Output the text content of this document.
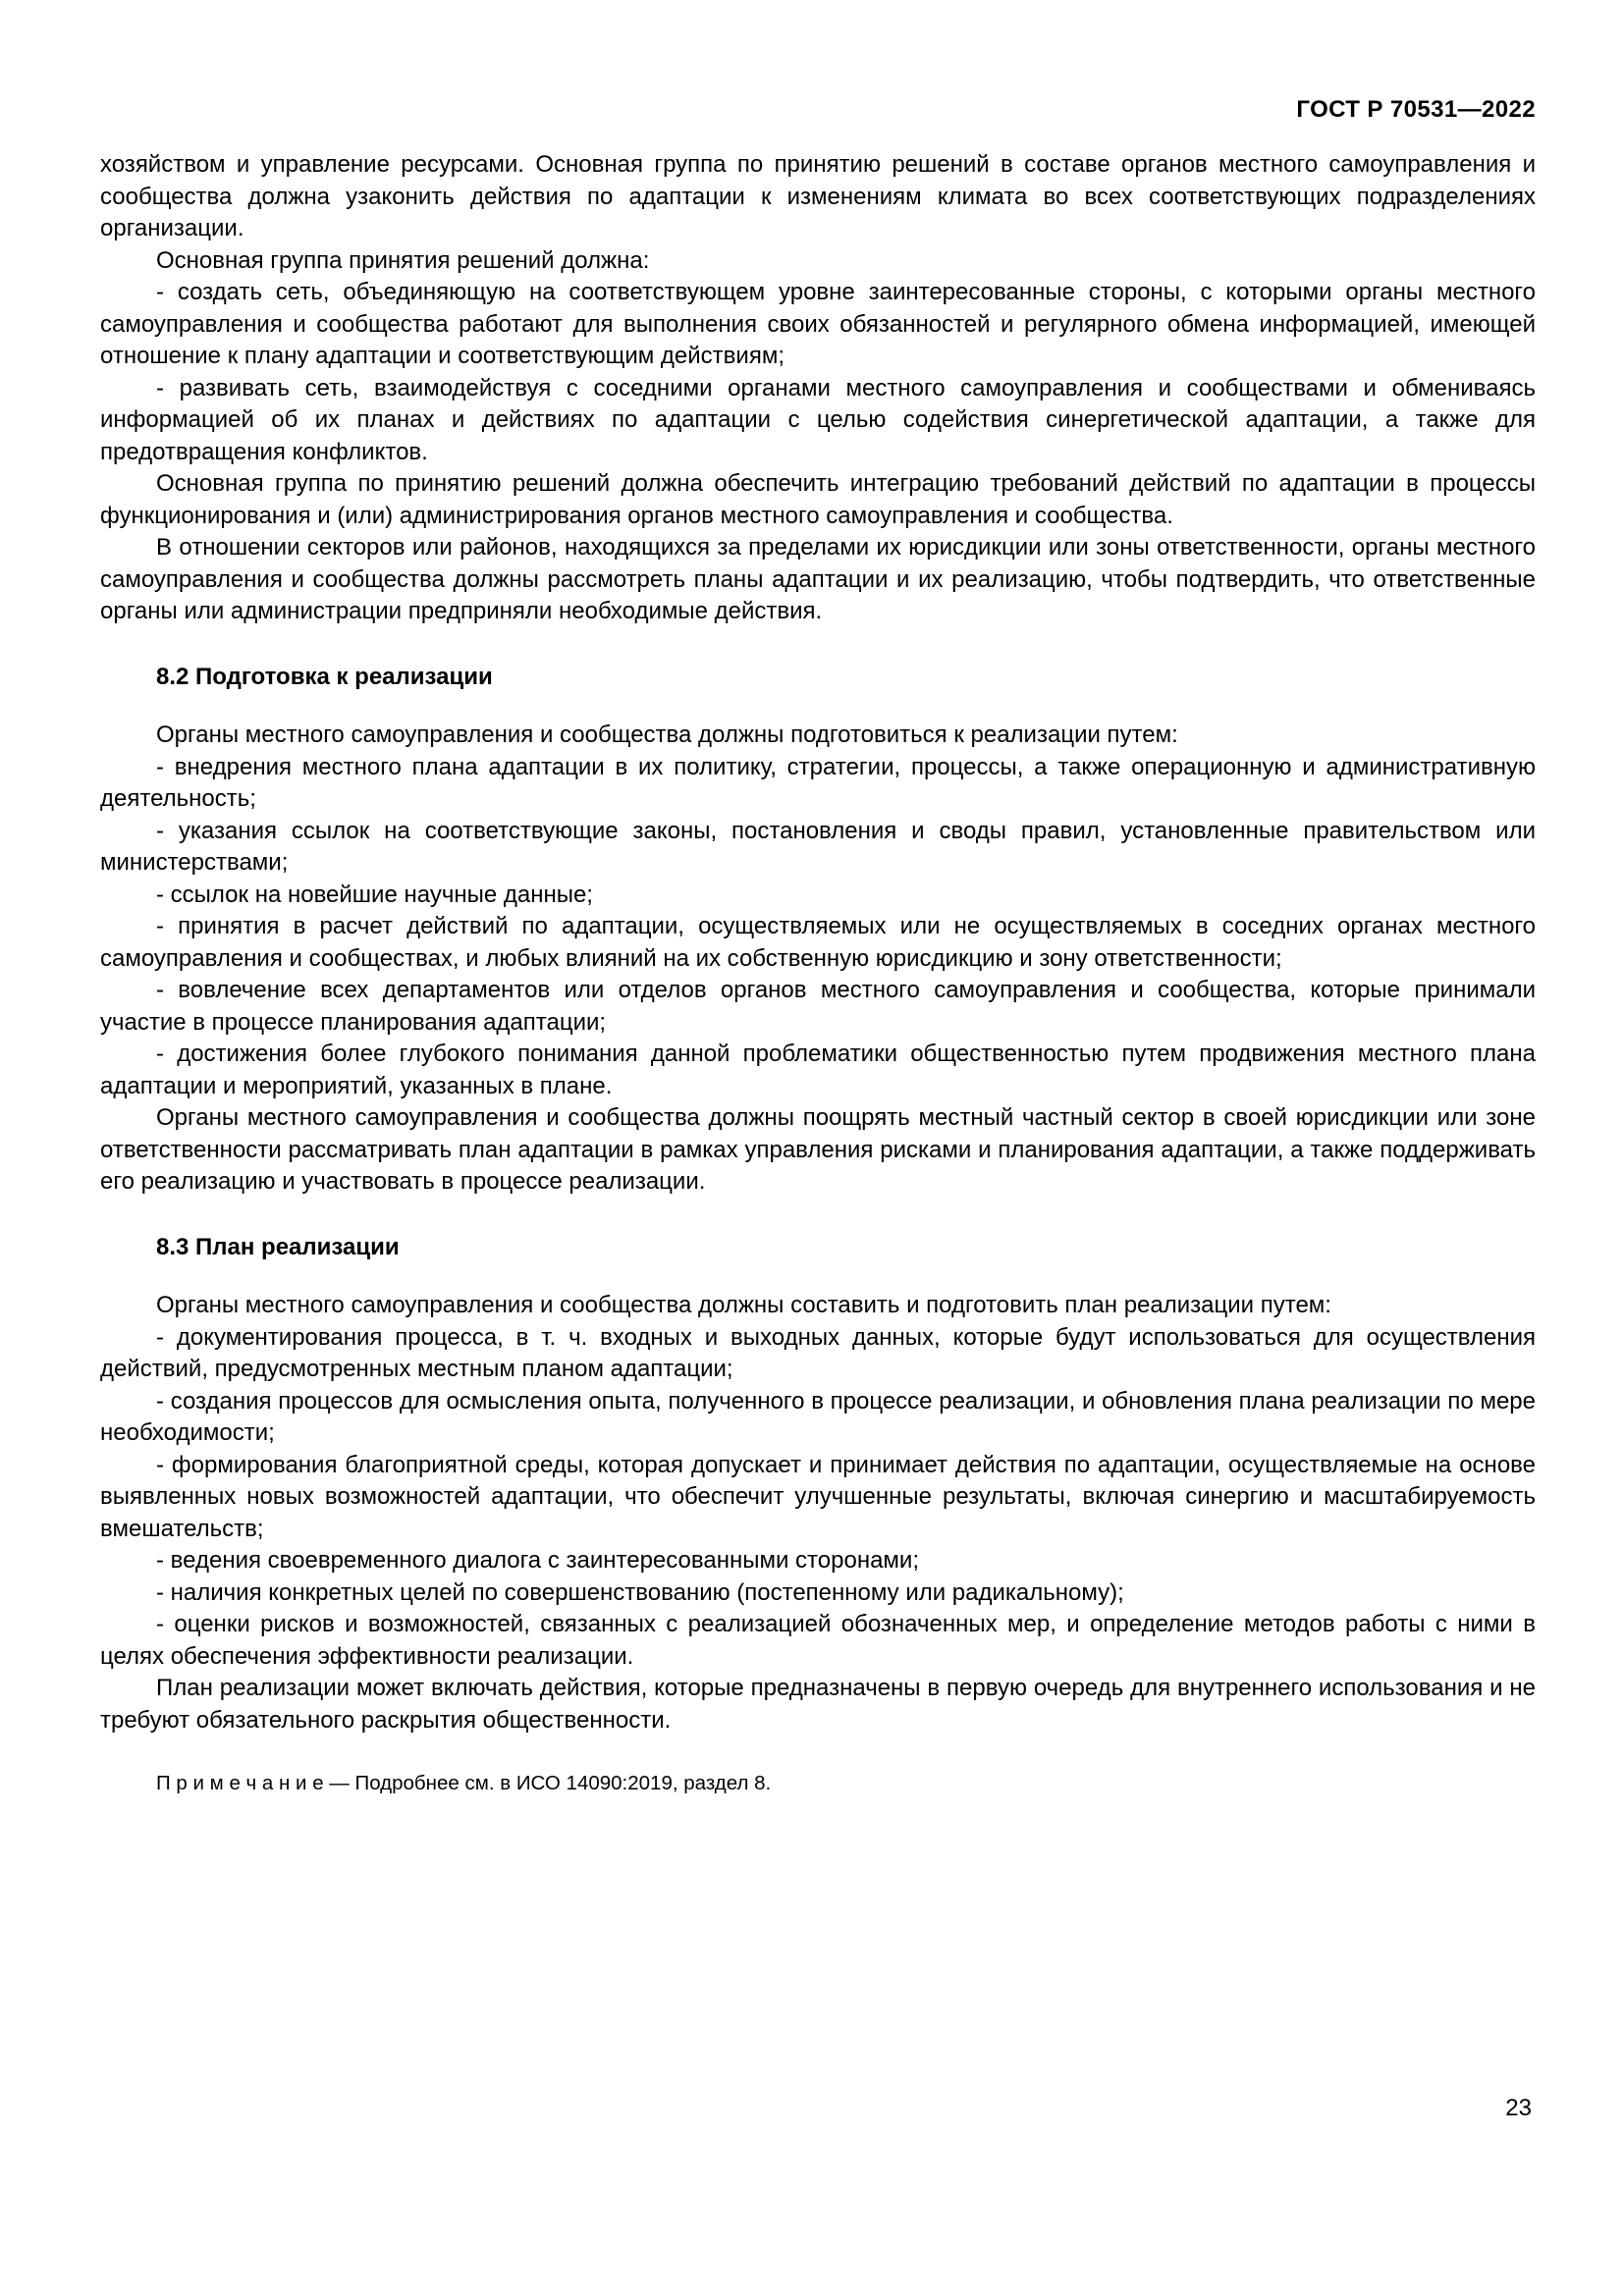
ГОСТ Р 70531—2022

хозяйством и управление ресурсами. Основная группа по принятию решений в составе органов местного самоуправления и сообщества должна узаконить действия по адаптации к изменениям климата во всех соответствующих подразделениях организации.

Основная группа принятия решений должна:

- создать сеть, объединяющую на соответствующем уровне заинтересованные стороны, с которыми органы местного самоуправления и сообщества работают для выполнения своих обязанностей и регулярного обмена информацией, имеющей отношение к плану адаптации и соответствующим действиям;

- развивать сеть, взаимодействуя с соседними органами местного самоуправления и сообществами и обмениваясь информацией об их планах и действиях по адаптации с целью содействия синергетической адаптации, а также для предотвращения конфликтов.

Основная группа по принятию решений должна обеспечить интеграцию требований действий по адаптации в процессы функционирования и (или) администрирования органов местного самоуправления и сообщества.

В отношении секторов или районов, находящихся за пределами их юрисдикции или зоны ответственности, органы местного самоуправления и сообщества должны рассмотреть планы адаптации и их реализацию, чтобы подтвердить, что ответственные органы или администрации предприняли необходимые действия.

8.2 Подготовка к реализации

Органы местного самоуправления и сообщества должны подготовиться к реализации путем:

- внедрения местного плана адаптации в их политику, стратегии, процессы, а также операционную и административную деятельность;

- указания ссылок на соответствующие законы, постановления и своды правил, установленные правительством или министерствами;

- ссылок на новейшие научные данные;

- принятия в расчет действий по адаптации, осуществляемых или не осуществляемых в соседних органах местного самоуправления и сообществах, и любых влияний на их собственную юрисдикцию и зону ответственности;

- вовлечение всех департаментов или отделов органов местного самоуправления и сообщества, которые принимали участие в процессе планирования адаптации;

- достижения более глубокого понимания данной проблематики общественностью путем продвижения местного плана адаптации и мероприятий, указанных в плане.

Органы местного самоуправления и сообщества должны поощрять местный частный сектор в своей юрисдикции или зоне ответственности рассматривать план адаптации в рамках управления рисками и планирования адаптации, а также поддерживать его реализацию и участвовать в процессе реализации.

8.3 План реализации

Органы местного самоуправления и сообщества должны составить и подготовить план реализации путем:

- документирования процесса, в т. ч. входных и выходных данных, которые будут использоваться для осуществления действий, предусмотренных местным планом адаптации;

- создания процессов для осмысления опыта, полученного в процессе реализации, и обновления плана реализации по мере необходимости;

- формирования благоприятной среды, которая допускает и принимает действия по адаптации, осуществляемые на основе выявленных новых возможностей адаптации, что обеспечит улучшенные результаты, включая синергию и масштабируемость вмешательств;

- ведения своевременного диалога с заинтересованными сторонами;

- наличия конкретных целей по совершенствованию (постепенному или радикальному);

- оценки рисков и возможностей, связанных с реализацией обозначенных мер, и определение методов работы с ними в целях обеспечения эффективности реализации.

План реализации может включать действия, которые предназначены в первую очередь для внутреннего использования и не требуют обязательного раскрытия общественности.

П р и м е ч а н и е — Подробнее см. в ИСО 14090:2019, раздел 8.

23
